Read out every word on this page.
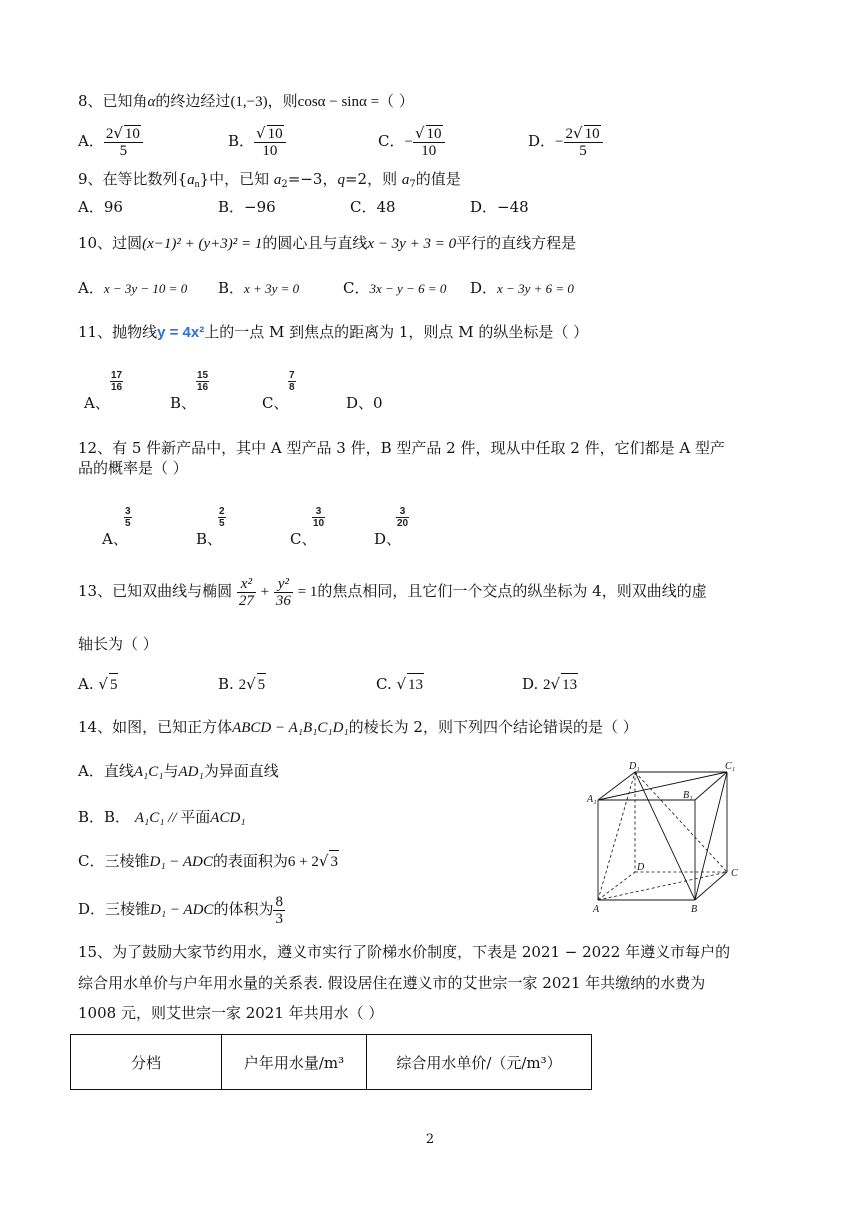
8、已知角α的终边经过(1,−3)，则cosα − sinα =（ ）
A． $\frac{2√ 10}{5}$	B． $\frac{√ 10}{10}$	C．− $\frac{√ 10}{10}$	D．− $\frac{2√ 10}{5}$
9、在等比数列$\{a_n\}$中，已知 $a_2=-3$，q=2，则 $a_7$的值是
A．96	B．−96	C．48	D．−48
10、过圆(x−1)² + (y+3)² = 1的圆心且与直线x − 3y + 3 = 0平行的直线方程是
A．x − 3y − 10 = 0 B．x + 3y = 0	C．3x − y − 6 = 0 D．x − 3y + 6 = 0
11、抛物线y = 4x²上的一点 M 到焦点的距离为 1，则点 M 的纵坐标是（ ）
$\frac{17}{16}$
A、
$\frac{15}{16}$
B、
$\frac{7}{8}$
C、	D、0
12、有 5 件新产品中，其中 A 型产品 3 件，B 型产品 2 件，现从中任取 2 件，它们都是 A 型产
品的概率是（ ）
$\frac{3}{5}$
A、
$\frac{2}{5}$
B、
$\frac{3}{10}$
C、
$\frac{3}{20}$
D、
13、已知双曲线与椭圆 $\frac{\text{x²}}{27} + \frac{\text{y²}}{36} = 1$的焦点相同，且它们一个交点的纵坐标为 4，则双曲线的虚
轴长为（ ）
A. √ 5	B. 2√ 5	C. √ 13	D. 2√ 13
14、如图，已知正方体ABCD − A₁B₁C₁D₁的棱长为 2，则下列四个结论错误的是（ ）
A．直线A₁C₁与AD₁为异面直线
B．B． A₁C₁ // 平面ACD₁
C．三棱锥D₁ − ADC的表面积为6 + 2√ 3
D．三棱锥D₁ − ADC的体积为 $\frac{8}{3}$
D₁	C₁
A₁	B₁
D
C
A	B
15、为了鼓励大家节约用水，遵义市实行了阶梯水价制度，下表是 2021 − 2022 年遵义市每户的
综合用水单价与户年用水量的关系表. 假设居住在遵义市的艾世宗一家 2021 年共缴纳的水费为
1008 元，则艾世宗一家 2021 年共用水（ ）
分档	户年用水量/m³	综合用水单价/（元/m³）
2
